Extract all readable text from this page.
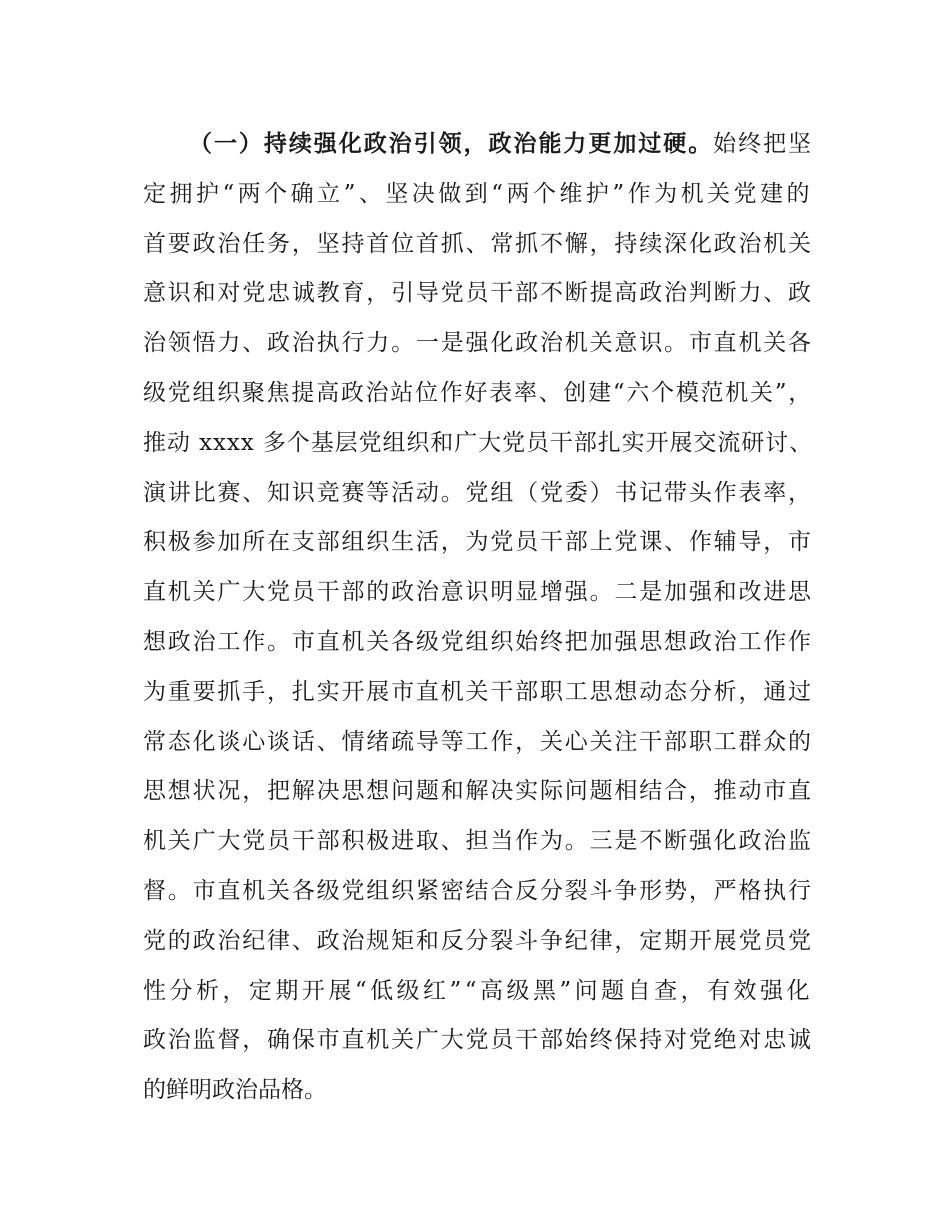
（一）持续强化政治引领，政治能力更加过硬。 始终把坚
定拥护“两个确立”、坚决做到“两个维护”作为机关党建的
首要政治任务，坚持首位首抓、常抓不懈，持续深化政治机关
意识和对党忠诚教育，引导党员干部不断提高政治判断力、政
治领悟力、政治执行力。一是强化政治机关意识。市直机关各
级党组织聚焦提高政治站位作好表率、创建“六个模范机关”，
推动 xxxx 多个基层党组织和广大党员干部扎实开展交流研讨、
演讲比赛、知识竞赛等活动。党组（党委）书记带头作表率，
积极参加所在支部组织生活，为党员干部上党课、作辅导，市
直机关广大党员干部的政治意识明显增强。二是加强和改进思
想政治工作。市直机关各级党组织始终把加强思想政治工作作
为重要抓手，扎实开展市直机关干部职工思想动态分析，通过
常态化谈心谈话、情绪疏导等工作，关心关注干部职工群众的
思想状况，把解决思想问题和解决实际问题相结合，推动市直
机关广大党员干部积极进取、担当作为。三是不断强化政治监
督。市直机关各级党组织紧密结合反分裂斗争形势，严格执行
党的政治纪律、政治规矩和反分裂斗争纪律，定期开展党员党
性分析，定期开展“低级红”“高级黑”问题自查，有效强化
政治监督，确保市直机关广大党员干部始终保持对党绝对忠诚
的鲜明政治品格。
